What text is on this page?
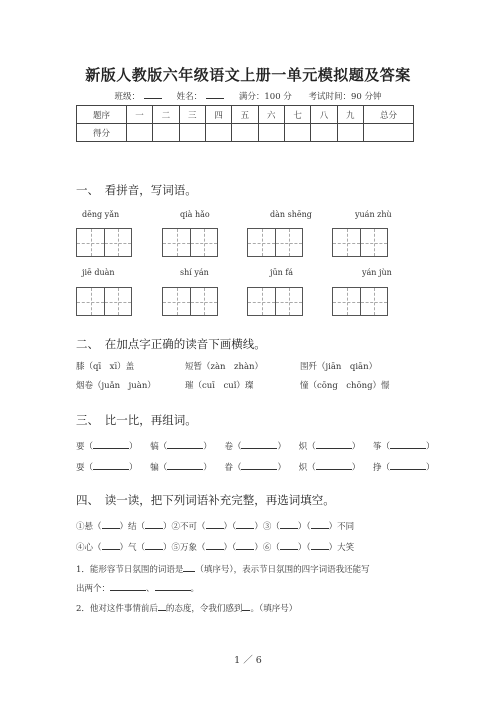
新版人教版六年级语文上册一单元模拟题及答案
班级：	姓名：	满分：100 分 考试时间：90 分钟
题序	一	二	三	四	五	六	七	八	九	总分
得分										
一、　看拼音，写词语。
dēng yǎn	qià hǎo	dàn shēng	yuán zhù
jiē duàn	shí yán	jūn fá	yán jùn
二、　在加点字正确的读音下画横线。
膝（qī　xī）盖	短暂（zàn　zhàn）	围歼（jiān　qiān）
烟卷（juǎn　juàn）	璀（cuī　cuǐ）璨	憧（cōng　chōng）憬
三、　比一比，再组词。
要（	） 犒（	） 卷（	） 炽（	） 筝（	）
耍（	） 犏（	） 眷（	） 炽（	） 挣（	）
四、　读一读，把下列词语补充完整，再选词填空。
①悬（ ）结（ ）②不可（ ）（ ）③（ ）（ ）不同
④心（ ）气（ ）⑤万象（ ）（ ）⑥（ ）（ ）大笑
1．能形容节日氛围的词语是 （填序号），表示节日氛围的四字词语我还能写
出两个：	、	。
2．他对这件事情前后 的态度，令我们感到 。（填序号）
1 ／ 6
